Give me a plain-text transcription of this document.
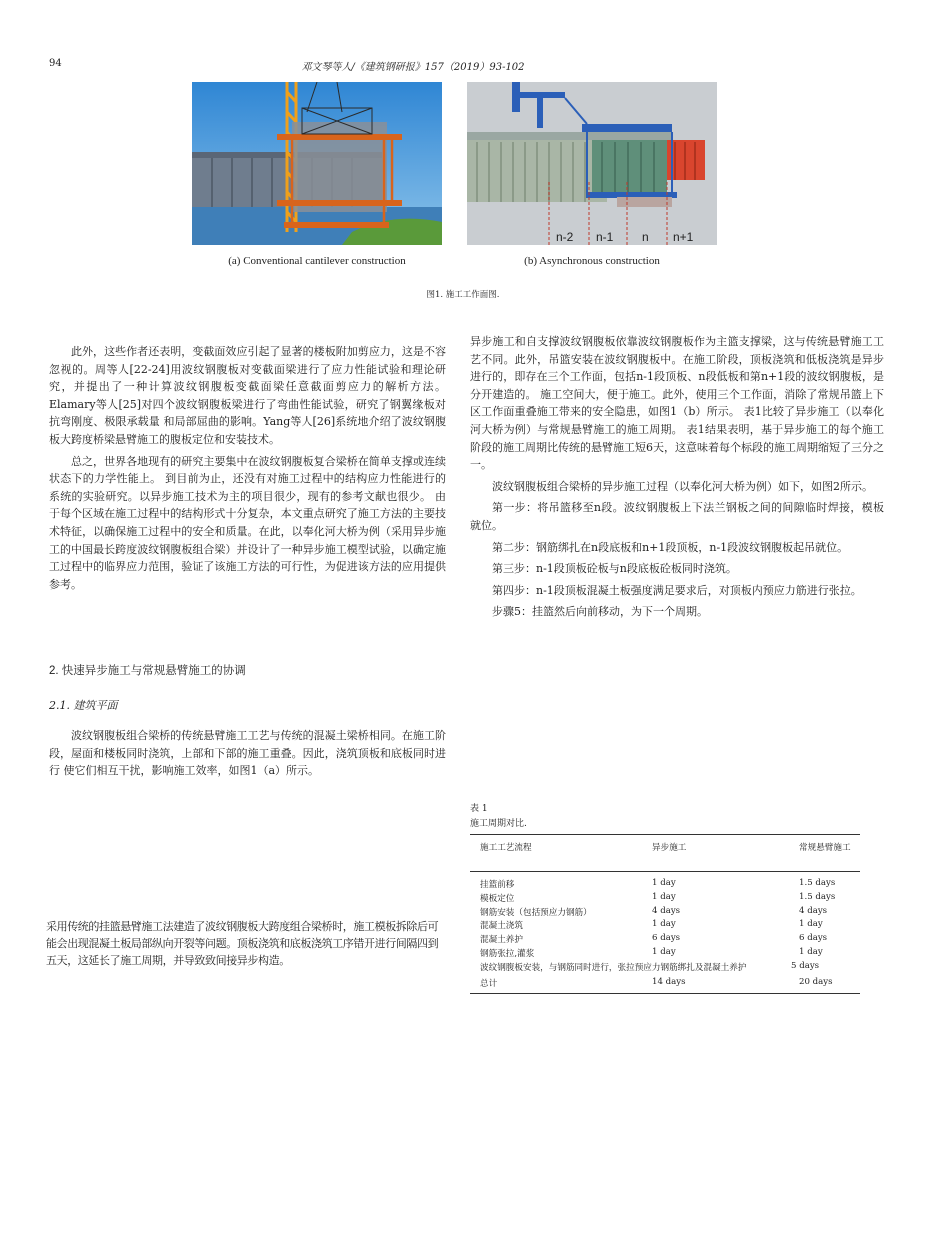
94	邓文琴等人/《建筑钢研报》157（2019）93-102
n-2 n-1 n n+1
(a) Conventional cantilever construction	(b) Asynchronous construction
图1. 施工工作面图.

此外，这些作者还表明，变截面效应引起了显著的楼板附加剪应力，这是不容忽视的。周等人[22-24]用波纹钢腹板对变截面梁进行了应力性能试验和理论研究，并提出了一种计算波纹钢腹板变截面梁任意截面剪应力的解析方法。Elamary等人[25]对四个波纹钢腹板梁进行了弯曲性能试验，研究了钢翼缘板对抗弯刚度、极限承载量 和局部屈曲的影响。Yang等人[26]系统地介绍了波纹钢腹板大跨度桥梁悬臂施工的腹板定位和安装技术。

总之，世界各地现有的研究主要集中在波纹钢腹板复合梁桥在简单支撑或连续状态下的力学性能上。 到目前为止，还没有对施工过程中的结构应力性能进行的系统的实验研究。以异步施工技术为主的项目很少，现有的参考文献也很少。 由于每个区域在施工过程中的结构形式十分复杂，本文重点研究了施工方法的主要技术特征，以确保施工过程中的安全和质量。在此，以奉化河大桥为例（采用异步施工的中国最长跨度波纹钢腹板组合梁）并设计了一种异步施工模型试验，以确定施工过程中的临界应力范围，验证了该施工方法的可行性，为促进该方法的应用提供参考。

2. 快速异步施工与常规悬臂施工的协调
2.1. 建筑平面
波纹钢腹板组合梁桥的传统悬臂施工工艺与传统的混凝土梁桥相同。在施工阶段，屋面和楼板同时浇筑，上部和下部的施工重叠。因此，浇筑顶板和底板同时进行 使它们相互干扰，影响施工效率，如图1（a）所示。
采用传统的挂篮悬臂施工法建造了波纹钢腹板大跨度组合梁桥时，施工模板拆除后可能会出现混凝土板局部纵向开裂等问题。顶板浇筑和底板浇筑工序错开进行间隔四到五天，这延长了施工周期，并导致致间接异步构造。

异步施工和自支撑波纹钢腹板依靠波纹钢腹板作为主篮支撑梁，这与传统悬臂施工工艺不同。此外，吊篮安装在波纹钢腹板中。在施工阶段，顶板浇筑和低板浇筑是异步进行的，即存在三个工作面，包括n-1段顶板、n段低板和第n+1段的波纹钢腹板，是分开建造的。 施工空间大，便于施工。此外，使用三个工作面，消除了常规吊篮上下区工作面重叠施工带来的安全隐患，如图1（b）所示。 表1比较了异步施工（以奉化河大桥为例）与常规悬臂施工的施工周期。 表1结果表明，基于异步施工的每个施工阶段的施工周期比传统的悬臂施工短6天，这意味着每个标段的施工周期缩短了三分之一。

波纹钢腹板组合梁桥的异步施工过程（以奉化河大桥为例）如下，如图2所示。

第一步：将吊篮移至n段。波纹钢腹板上下法兰钢板之间的间隙临时焊接，模板就位。

第二步：钢筋绑扎在n段底板和n+1段顶板，n-1段波纹钢腹板起吊就位。

第三步：n-1段顶板砼板与n段底板砼板同时浇筑。

第四步：n-1段顶板混凝土板强度满足要求后，对顶板内预应力筋进行张拉。

步骤5：挂篮然后向前移动，为下一个周期。

表 1
施工周期对比.
施工工艺流程	异步施工	常规悬臂施工
挂篮前移	1 day	1.5 days
模板定位	1 day	1.5 days
钢筋安装（包括预应力钢筋）	4 days	4 days
混凝土浇筑	1 day	1 day
混凝土养护	6 days	6 days
钢筋张拉,灌浆	1 day	1 day
波纹钢腹板安装，与钢筋同时进行，张拉预应力钢筋绑扎及混凝土养护		5 days
总计	14 days	20 days
